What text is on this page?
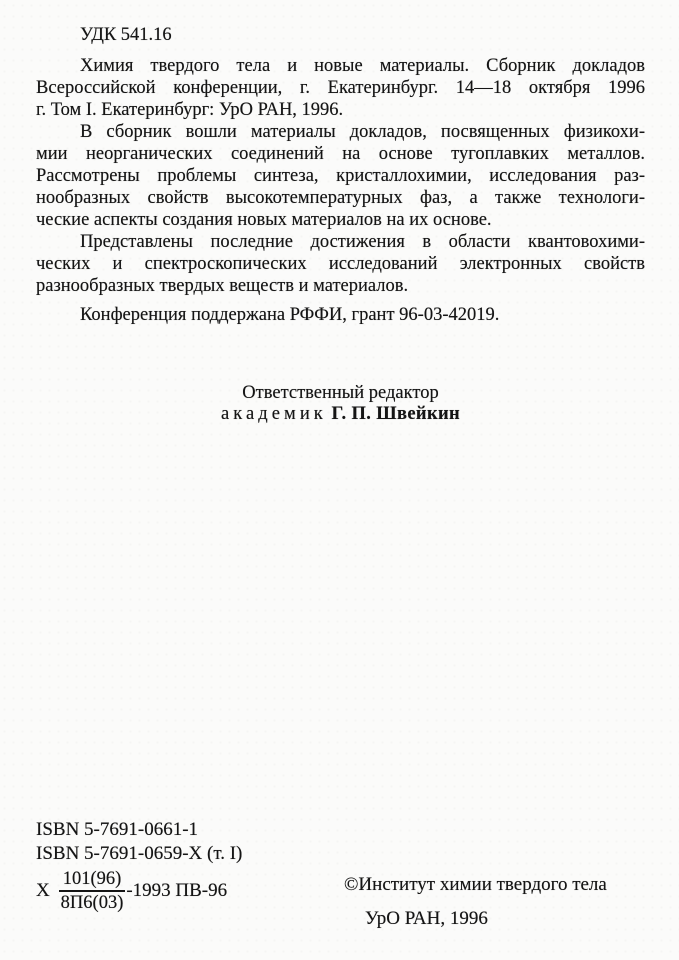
УДК 541.16

Химия твердого тела и новые материалы. Сборник докладов
Всероссийской конференции, г. Екатеринбург. 14—18 октября 1996
г. Том I. Екатеринбург: УрО РАН, 1996.

В сборник вошли материалы докладов, посвященных физикохи-
мии неорганических соединений на основе тугоплавких металлов.
Рассмотрены проблемы синтеза, кристаллохимии, исследования раз-
нообразных свойств высокотемпературных фаз, а также технологи-
ческие аспекты создания новых материалов на их основе.

Представлены последние достижения в области квантовохими-
ческих и спектроскопических исследований электронных свойств
разнообразных твердых веществ и материалов.

Конференция поддержана РФФИ, грант 96-03-42019.
Ответственный редактор
академик Г. П. Швейкин
ISBN 5-7691-0661-1
ISBN 5-7691-0659-X (т. I)
Х $\frac{101(96)}{8П6(03)} -1993$ ПВ-96	©Институт химии твердого тела
УрО РАН, 1996
